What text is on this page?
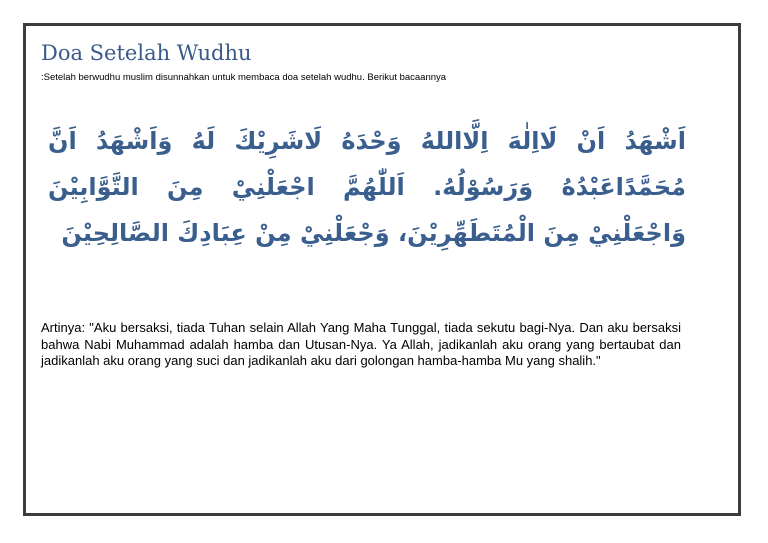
Doa Setelah Wudhu

:Setelah berwudhu muslim disunnahkan untuk membaca doa setelah wudhu. Berikut bacaannya

اَشْهَدُ اَنْ لَااِلٰهَ اِلَّااللهُ وَحْدَهُ لَاشَرِيْكَ لَهُ وَاَشْهَدُ اَنَّ مُحَمَّدًاعَبْدُهُ وَرَسُوْلُهُ. اَللّٰهُمَّ اجْعَلْنِيْ مِنَ التَّوَّابِيْنَ وَاجْعَلْنِيْ مِنَ الْمُتَطَهِّرِيْنَ، وَجْعَلْنِيْ مِنْ عِبَادِكَ الصَّالِحِيْنَ

Artinya: "Aku bersaksi, tiada Tuhan selain Allah Yang Maha Tunggal, tiada sekutu bagi-Nya. Dan aku bersaksi bahwa Nabi Muhammad adalah hamba dan Utusan-Nya. Ya Allah, jadikanlah aku orang yang bertaubat dan jadikanlah aku orang yang suci dan jadikanlah aku dari golongan hamba-hamba Mu yang shalih."
